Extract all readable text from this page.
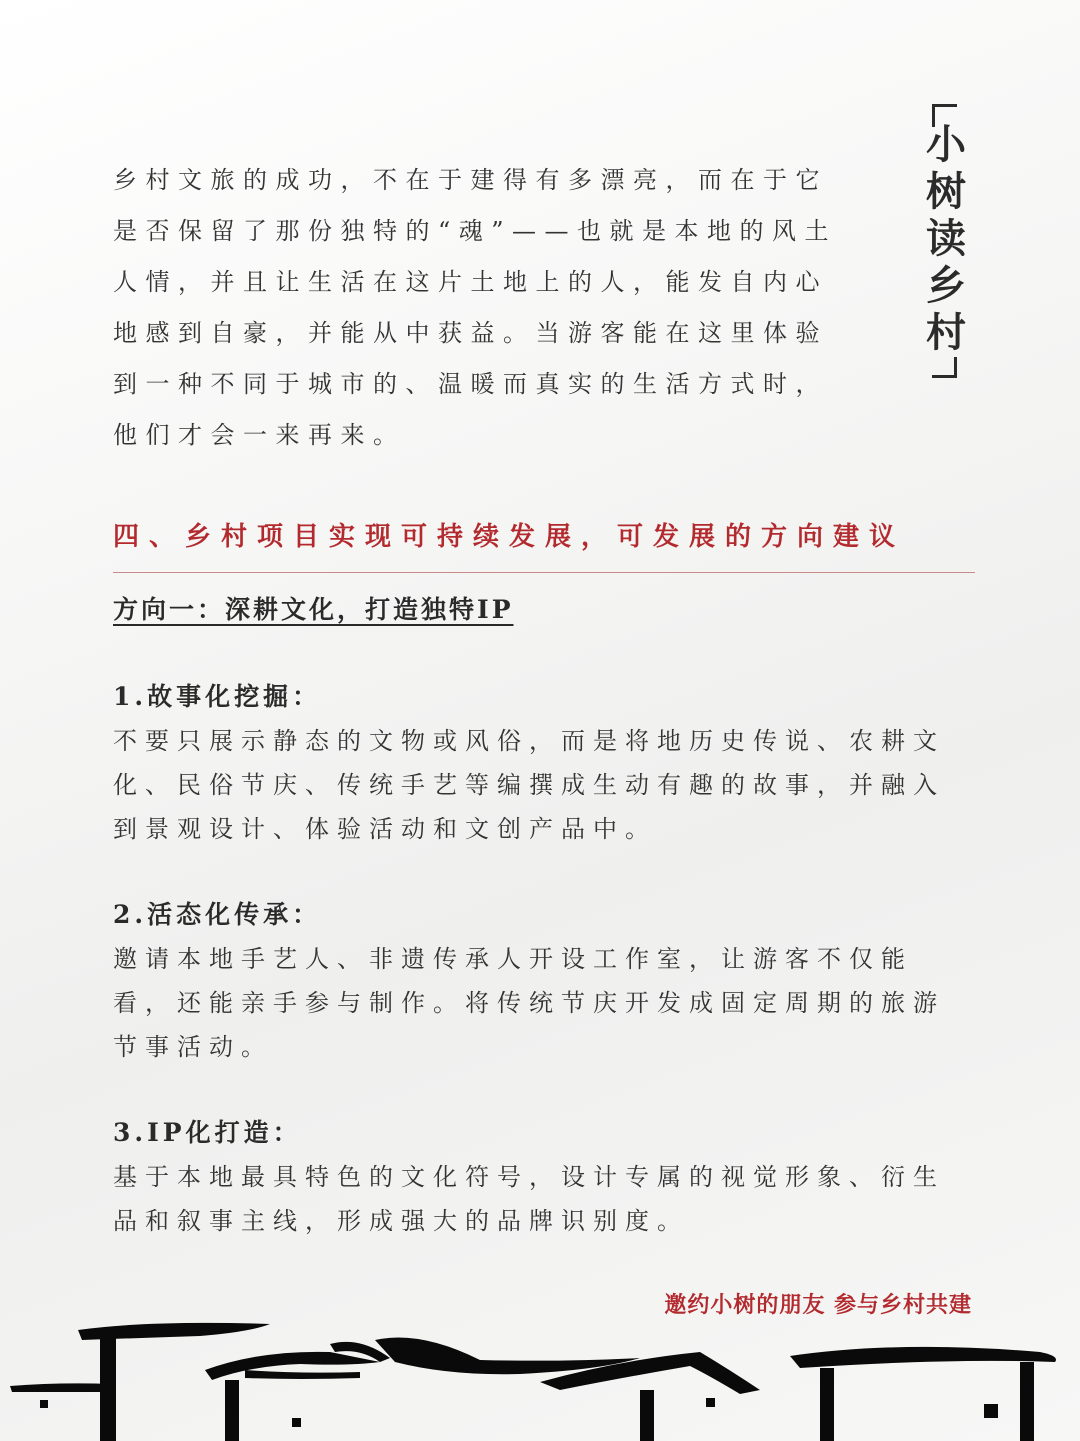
小
树
读
乡
村
乡村文旅的成功，不在于建得有多漂亮，而在于它
是否保留了那份独特的“魂”——也就是本地的风土
人情，并且让生活在这片土地上的人，能发自内心
地感到自豪，并能从中获益。当游客能在这里体验
到一种不同于城市的、温暖而真实的生活方式时，
他们才会一来再来。
四、乡村项目实现可持续发展，可发展的方向建议
方向一：深耕文化，打造独特IP
1.故事化挖掘：
不要只展示静态的文物或风俗，而是将地历史传说、农耕文
化、民俗节庆、传统手艺等编撰成生动有趣的故事，并融入
到景观设计、体验活动和文创产品中。
2.活态化传承：
邀请本地手艺人、非遗传承人开设工作室，让游客不仅能
看，还能亲手参与制作。将传统节庆开发成固定周期的旅游
节事活动。
3.IP化打造：
基于本地最具特色的文化符号，设计专属的视觉形象、衍生
品和叙事主线，形成强大的品牌识别度。
邀约小树的朋友 参与乡村共建
